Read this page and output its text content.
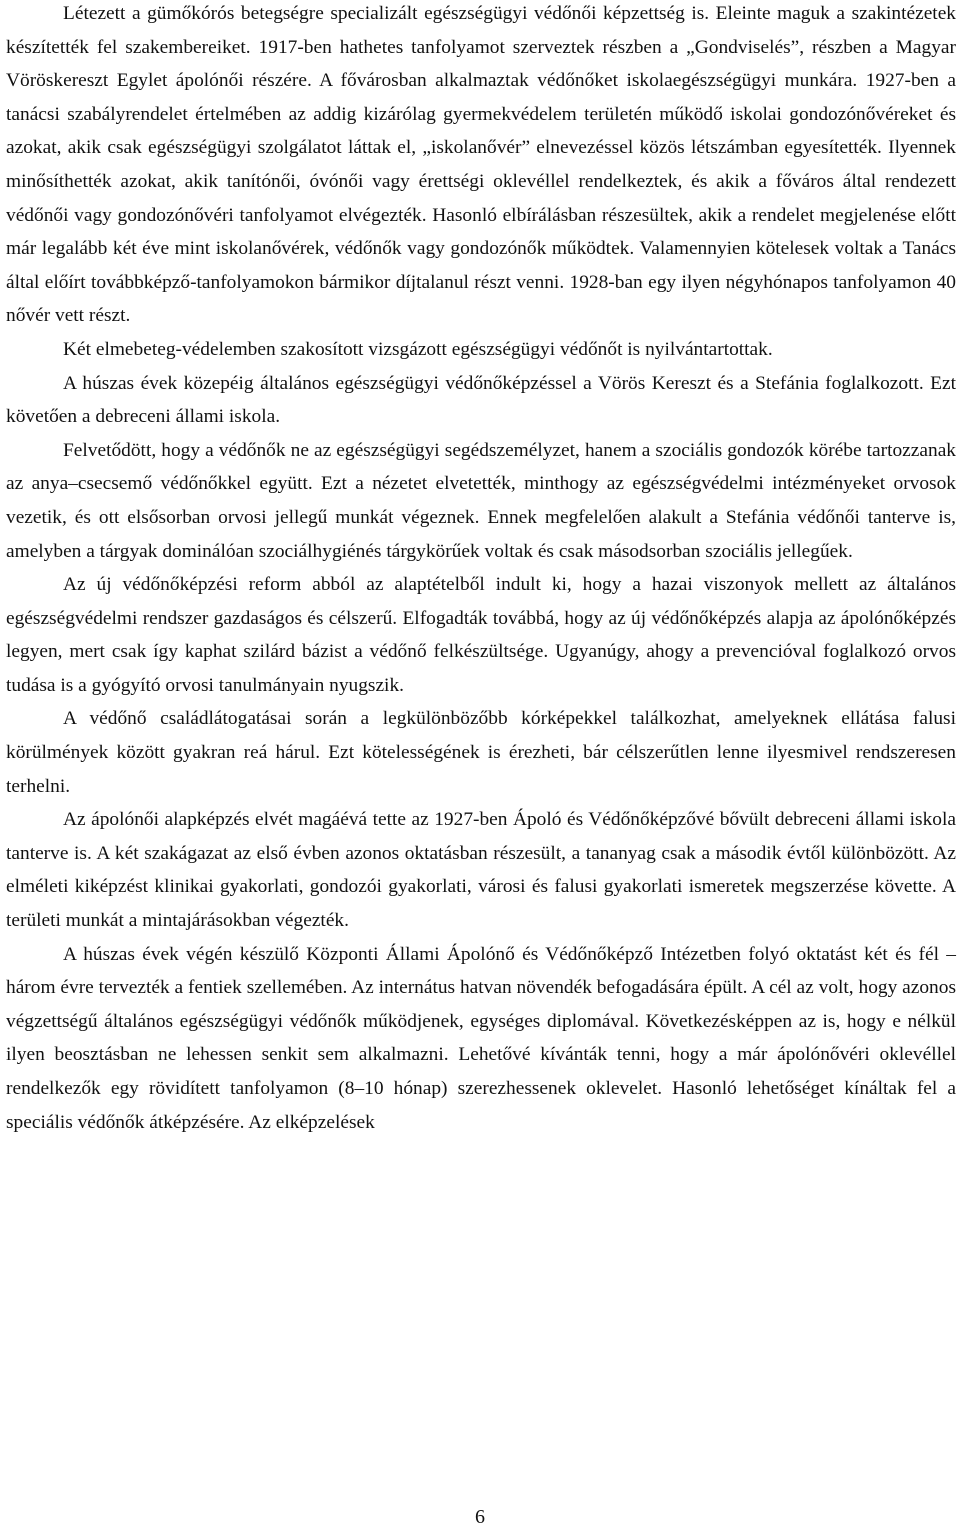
Létezett a gümőkórós betegségre specializált egészségügyi védőnői képzettség is. Eleinte maguk a szakintézetek készítették fel szakembereiket. 1917-ben hathetes tanfolyamot szerveztek részben a „Gondviselés”, részben a Magyar Vöröskereszt Egylet ápolónői részére. A fővárosban alkalmaztak védőnőket iskolaegészségügyi munkára. 1927-ben a tanácsi szabályrendelet értelmében az addig kizárólag gyermekvédelem területén működő iskolai gondozónővéreket és azokat, akik csak egészségügyi szolgálatot láttak el, „iskolanővér” elnevezéssel közös létszámban egyesítették. Ilyennek minősíthették azokat, akik tanítónői, óvónői vagy érettségi oklevéllel rendelkeztek, és akik a főváros által rendezett védőnői vagy gondozónővéri tanfolyamot elvégezték. Hasonló elbírálásban részesültek, akik a rendelet megjelenése előtt már legalább két éve mint iskolanővérek, védőnők vagy gondozónők működtek. Valamennyien kötelesek voltak a Tanács által előírt továbbképző-tanfolyamokon bármikor díjtalanul részt venni. 1928-ban egy ilyen négyhónapos tanfolyamon 40 nővér vett részt.

Két elmebeteg-védelemben szakosított vizsgázott egészségügyi védőnőt is nyilvántartottak.

A húszas évek közepéig általános egészségügyi védőnőképzéssel a Vörös Kereszt és a Stefánia foglalkozott. Ezt követően a debreceni állami iskola.

Felvetődött, hogy a védőnők ne az egészségügyi segédszemélyzet, hanem a szociális gondozók körébe tartozzanak az anya–csecsemő védőnőkkel együtt. Ezt a nézetet elvetették, minthogy az egészségvédelmi intézményeket orvosok vezetik, és ott elsősorban orvosi jellegű munkát végeznek. Ennek megfelelően alakult a Stefánia védőnői tanterve is, amelyben a tárgyak dominálóan szociálhygiénés tárgykörűek voltak és csak másodsorban szociális jellegűek.

Az új védőnőképzési reform abból az alaptételből indult ki, hogy a hazai viszonyok mellett az általános egészségvédelmi rendszer gazdaságos és célszerű. Elfogadták továbbá, hogy az új védőnőképzés alapja az ápolónőképzés legyen, mert csak így kaphat szilárd bázist a védőnő felkészültsége. Ugyanúgy, ahogy a prevencióval foglalkozó orvos tudása is a gyógyító orvosi tanulmányain nyugszik.

A védőnő családlátogatásai során a legkülönbözőbb kórképekkel találkozhat, amelyeknek ellátása falusi körülmények között gyakran reá hárul. Ezt kötelességének is érezheti, bár célszerűtlen lenne ilyesmivel rendszeresen terhelni.

Az ápolónői alapképzés elvét magáévá tette az 1927-ben Ápoló és Védőnőképzővé bővült debreceni állami iskola tanterve is. A két szakágazat az első évben azonos oktatásban részesült, a tananyag csak a második évtől különbözött. Az elméleti kiképzést klinikai gyakorlati, gondozói gyakorlati, városi és falusi gyakorlati ismeretek megszerzése követte. A területi munkát a mintajárásokban végezték.

A húszas évek végén készülő Központi Állami Ápolónő és Védőnőképző Intézetben folyó oktatást két és fél – három évre tervezték a fentiek szellemében. Az internátus hatvan növendék befogadására épült. A cél az volt, hogy azonos végzettségű általános egészségügyi védőnők működjenek, egységes diplomával. Következésképpen az is, hogy e nélkül ilyen beosztásban ne lehessen senkit sem alkalmazni. Lehetővé kívánták tenni, hogy a már ápolónővéri oklevéllel rendelkezők egy rövidített tanfolyamon (8–10 hónap) szerezhessenek oklevelet. Hasonló lehetőséget kínáltak fel a speciális védőnők átképzésére. Az elképzelések

6
